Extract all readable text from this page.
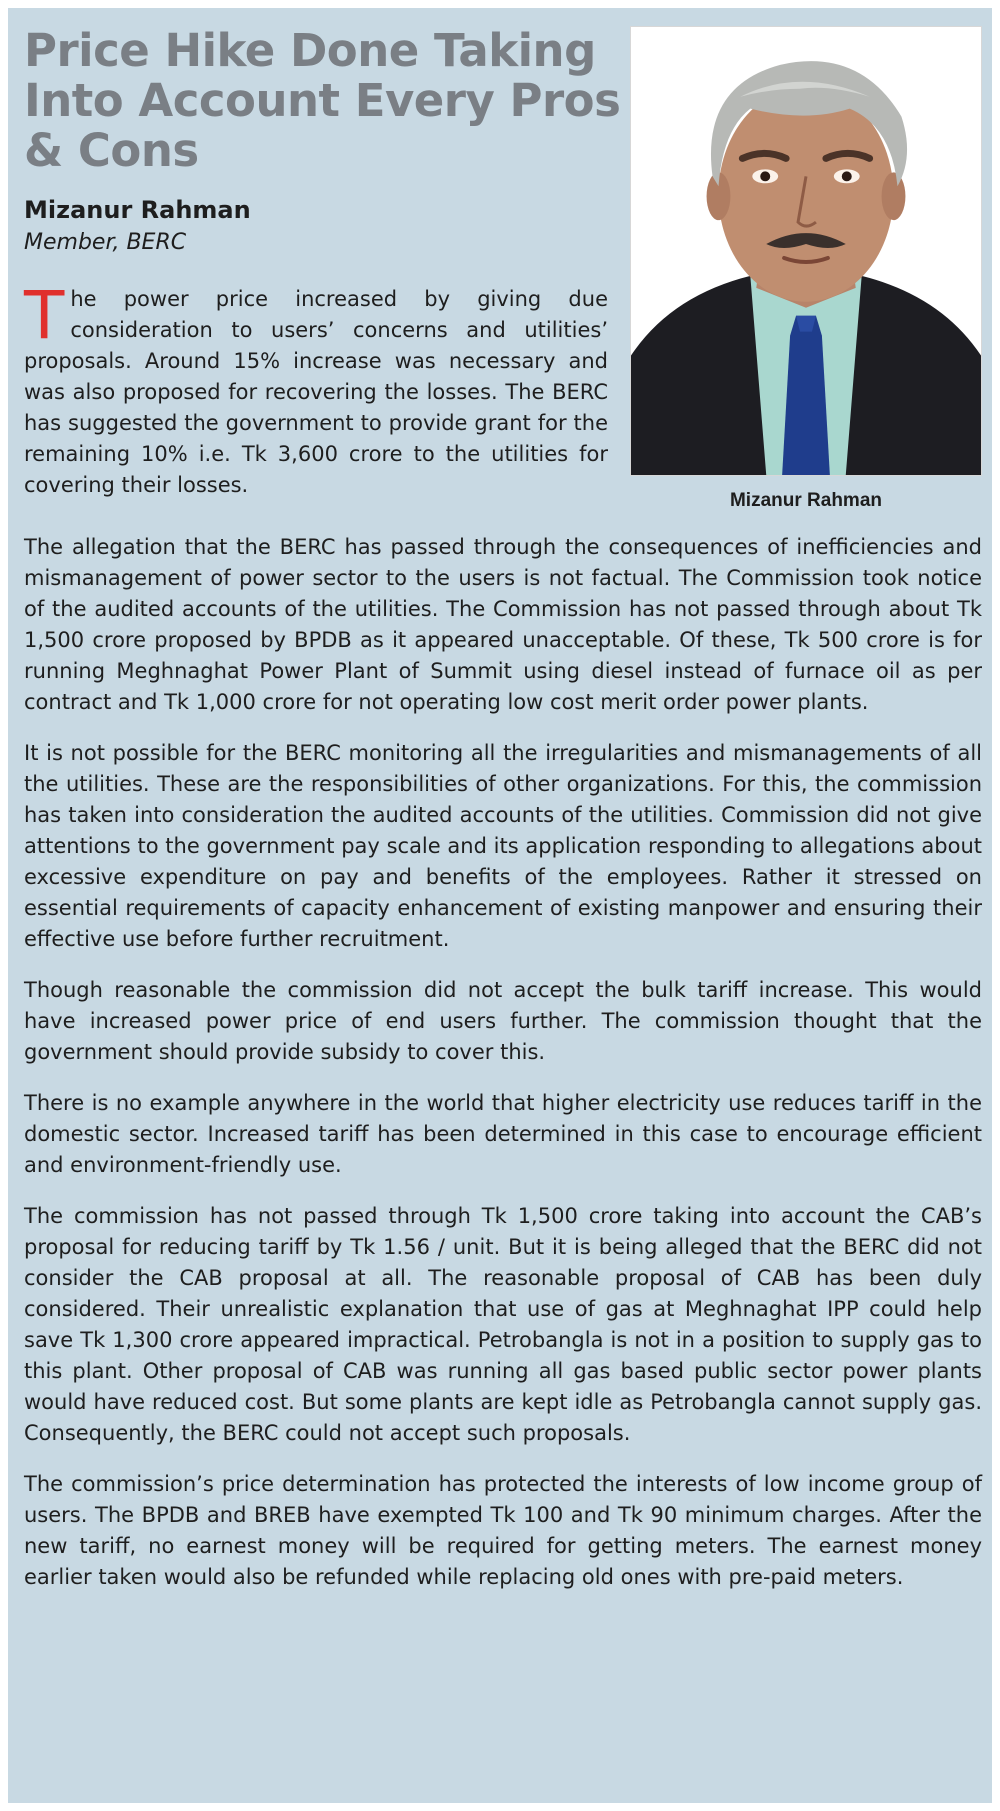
Price Hike Done Taking Into Account Every Pros & Cons
Mizanur Rahman
Member, BERC

The power price increased by giving due consideration to users’ concerns and utilities’ proposals. Around 15% increase was necessary and was also proposed for recovering the losses. The BERC has suggested the government to provide grant for the remaining 10% i.e. Tk 3,600 crore to the utilities for covering their losses.

Mizanur Rahman

The allegation that the BERC has passed through the consequences of inefficiencies and mismanagement of power sector to the users is not factual. The Commission took notice of the audited accounts of the utilities. The Commission has not passed through about Tk 1,500 crore proposed by BPDB as it appeared unacceptable. Of these, Tk 500 crore is for running Meghnaghat Power Plant of Summit using diesel instead of furnace oil as per contract and Tk 1,000 crore for not operating low cost merit order power plants.

It is not possible for the BERC monitoring all the irregularities and mismanagements of all the utilities. These are the responsibilities of other organizations. For this, the commission has taken into consideration the audited accounts of the utilities. Commission did not give attentions to the government pay scale and its application responding to allegations about excessive expenditure on pay and benefits of the employees. Rather it stressed on essential requirements of capacity enhancement of existing manpower and ensuring their effective use before further recruitment.

Though reasonable the commission did not accept the bulk tariff increase. This would have increased power price of end users further. The commission thought that the government should provide subsidy to cover this.

There is no example anywhere in the world that higher electricity use reduces tariff in the domestic sector. Increased tariff has been determined in this case to encourage efficient and environment-friendly use.

The commission has not passed through Tk 1,500 crore taking into account the CAB’s proposal for reducing tariff by Tk 1.56 / unit. But it is being alleged that the BERC did not consider the CAB proposal at all. The reasonable proposal of CAB has been duly considered. Their unrealistic explanation that use of gas at Meghnaghat IPP could help save Tk 1,300 crore appeared impractical. Petrobangla is not in a position to supply gas to this plant. Other proposal of CAB was running all gas based public sector power plants would have reduced cost. But some plants are kept idle as Petrobangla cannot supply gas. Consequently, the BERC could not accept such proposals.

The commission’s price determination has protected the interests of low income group of users. The BPDB and BREB have exempted Tk 100 and Tk 90 minimum charges. After the new tariff, no earnest money will be required for getting meters. The earnest money earlier taken would also be refunded while replacing old ones with pre-paid meters.
